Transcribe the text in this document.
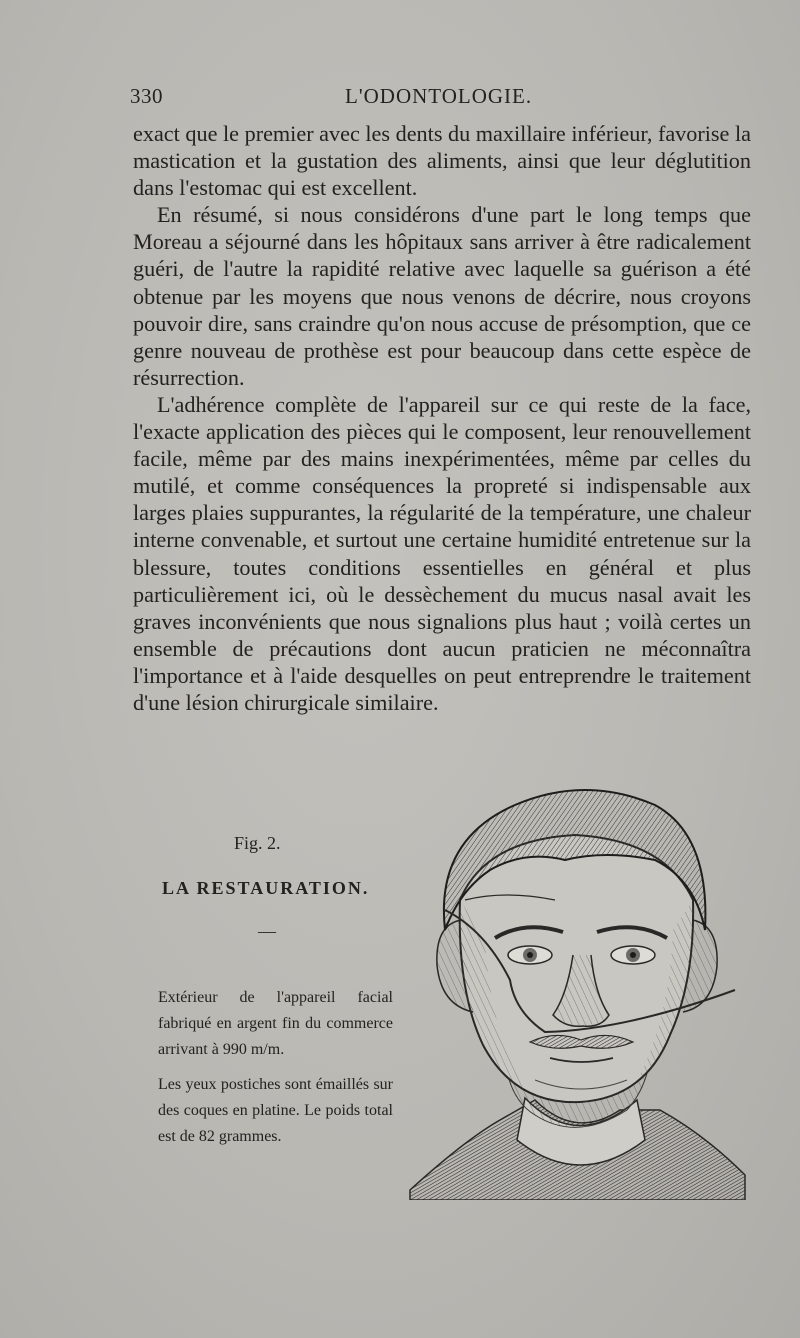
330	L'ODONTOLOGIE.

exact que le premier avec les dents du maxillaire inférieur, favorise la mastication et la gustation des aliments, ainsi que leur déglutition dans l'estomac qui est excellent.

En résumé, si nous considérons d'une part le long temps que Moreau a séjourné dans les hôpitaux sans arriver à être radicalement guéri, de l'autre la rapidité relative avec laquelle sa guérison a été obtenue par les moyens que nous venons de décrire, nous croyons pouvoir dire, sans craindre qu'on nous accuse de présomption, que ce genre nouveau de prothèse est pour beaucoup dans cette espèce de résurrection.

L'adhérence complète de l'appareil sur ce qui reste de la face, l'exacte application des pièces qui le composent, leur renouvellement facile, même par des mains inexpérimentées, même par celles du mutilé, et comme conséquences la propreté si indispensable aux larges plaies suppurantes, la régularité de la température, une chaleur interne convenable, et surtout une certaine humidité entretenue sur la blessure, toutes conditions essentielles en général et plus particulièrement ici, où le dessèchement du mucus nasal avait les graves inconvénients que nous signalions plus haut ; voilà certes un ensemble de précautions dont aucun praticien ne méconnaîtra l'importance et à l'aide desquelles on peut entreprendre le traitement d'une lésion chirurgicale similaire.

Fig. 2.
LA RESTAURATION.
—
Extérieur de l'appareil facial fabriqué en argent fin du commerce arrivant à 990 m/m.
Les yeux postiches sont émaillés sur des coques en platine. Le poids total est de 82 grammes.
